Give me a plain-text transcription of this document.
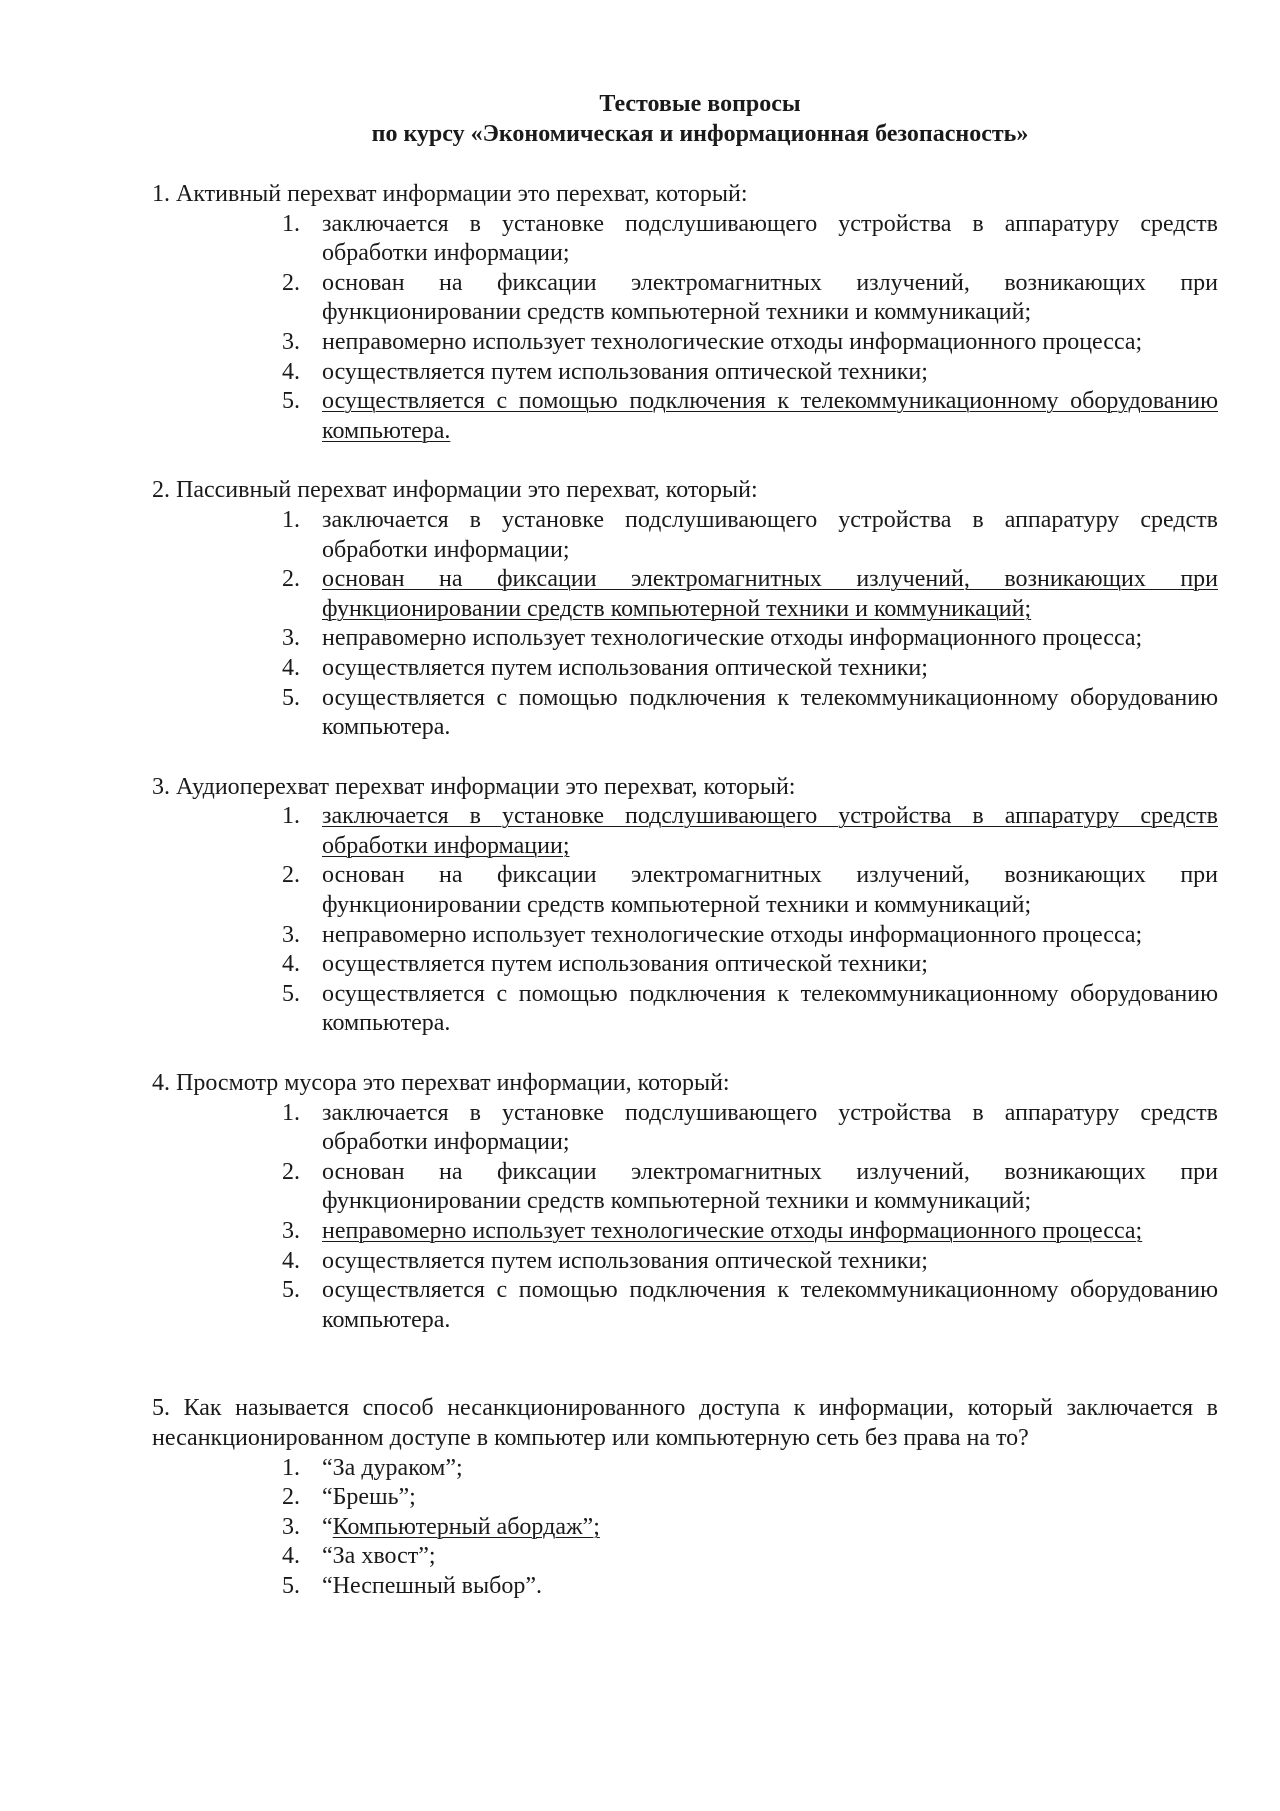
Тестовые вопросы
по курсу «Экономическая и информационная безопасность»
1. Активный перехват информации это перехват, который:
1. заключается в установке подслушивающего устройства в аппаратуру средств обработки информации;
2. основан на фиксации электромагнитных излучений, возникающих при функционировании средств компьютерной техники и коммуникаций;
3. неправомерно использует технологические отходы информационного процесса;
4. осуществляется путем использования оптической техники;
5. осуществляется с помощью подключения к телекоммуникационному оборудованию компьютера.
2. Пассивный перехват информации это перехват, который:
1. заключается в установке подслушивающего устройства в аппаратуру средств обработки информации;
2. основан на фиксации электромагнитных излучений, возникающих при функционировании средств компьютерной техники и коммуникаций;
3. неправомерно использует технологические отходы информационного процесса;
4. осуществляется путем использования оптической техники;
5. осуществляется с помощью подключения к телекоммуникационному оборудованию компьютера.
3. Аудиоперехват перехват информации это перехват, который:
1. заключается в установке подслушивающего устройства в аппаратуру средств обработки информации;
2. основан на фиксации электромагнитных излучений, возникающих при функционировании средств компьютерной техники и коммуникаций;
3. неправомерно использует технологические отходы информационного процесса;
4. осуществляется путем использования оптической техники;
5. осуществляется с помощью подключения к телекоммуникационному оборудованию компьютера.
4. Просмотр мусора это перехват информации, который:
1. заключается в установке подслушивающего устройства в аппаратуру средств обработки информации;
2. основан на фиксации электромагнитных излучений, возникающих при функционировании средств компьютерной техники и коммуникаций;
3. неправомерно использует технологические отходы информационного процесса;
4. осуществляется путем использования оптической техники;
5. осуществляется с помощью подключения к телекоммуникационному оборудованию компьютера.
5. Как называется способ несанкционированного доступа к информации, который заключается в несанкционированном доступе в компьютер или компьютерную сеть без права на то?
1. “За дураком”;
2. “Брешь”;
3. “Компьютерный абордаж”;
4. “За хвост”;
5. “Неспешный выбор”.
